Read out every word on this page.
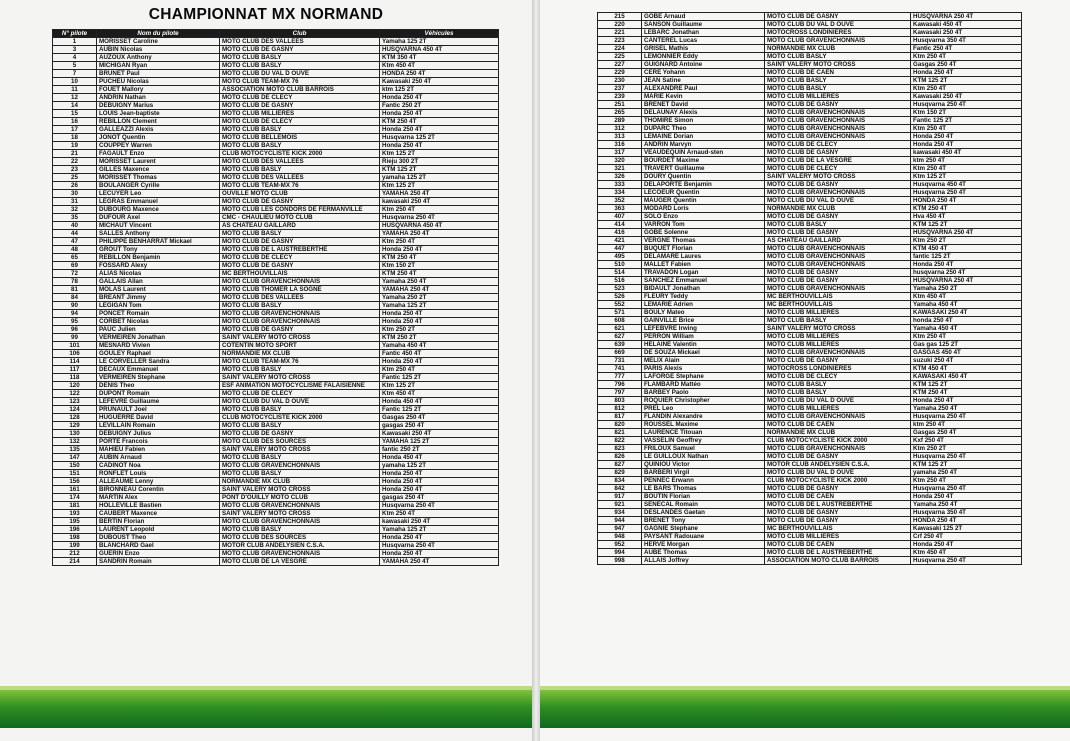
CHAMPIONNAT MX NORMAND
N° pilote	Nom du pilote	Club	Véhicules
1	MORISSET Caroline	MOTO CLUB DES VALLEES	Yamaha 125 2T
3	AUBIN Nicolas	MOTO CLUB DE GASNY	HUSQVARNA 450 4T
4	AUZOUX Anthony	MOTO CLUB BASLY	KTM 350 4T
5	MICHIGAN Ryan	MOTO CLUB BASLY	Ktm 450 4T
7	BRUNET Paul	MOTO CLUB DU VAL D OUVE	HONDA 250 4T
10	PUCHEU Nicolas	MOTO CLUB TEAM-MX 76	Kawasaki 250 4T
11	FOUET Mallory	ASSOCIATION MOTO CLUB BARROIS	ktm 125 2T
12	ANDRIN Nathan	MOTO CLUB DE CLECY	Honda 250 4T
14	DEBUIGNY Marius	MOTO CLUB DE GASNY	Fantic 250 2T
15	LOUIS Jean-baptiste	MOTO CLUB MILLIERES	Honda 250 4T
16	REBILLON Clement	MOTO CLUB DE CLECY	KTM 250 4T
17	GALLEAZZI Alexis	MOTO CLUB BASLY	Honda 250 4T
18	JONOT Quentin	MOTO CLUB BELLEMOIS	Husqvarna 125 2T
19	COUPPEY Warren	MOTO CLUB BASLY	Honda 250 4T
21	FAGAULT Enzo	CLUB MOTOCYCLISTE KICK 2000	Ktm 125 2T
22	MORISSET Laurent	MOTO CLUB DES VALLEES	Rieju 300 2T
23	GILLES Maxence	MOTO CLUB BASLY	KTM 125 2T
25	MORISSET Thomas	MOTO CLUB DES VALLEES	yamaha 125 2T
26	BOULANGER Cyrille	MOTO CLUB TEAM-MX 76	Ktm 125 2T
30	LECUYER Leo	OUVILLE MOTO CLUB	YAMAHA 250 4T
31	LEGRAS Emmanuel	MOTO CLUB DE GASNY	kawasaki 250 4T
32	DUBOURG Maxence	MOTO CLUB LES CONDORS DE FERMANVILLE	Ktm 250 4T
35	DUFOUR Axel	CMC - CHAULIEU MOTO CLUB	Husqvarna 250 4T
40	MICHAUT Vincent	AS CHATEAU GAILLARD	HUSQVARNA 450 4T
44	SALLES Anthony	MOTO CLUB BASLY	YAMAHA 250 4T
47	PHILIPPE BENHARRAT Mickael	MOTO CLUB DE GASNY	Ktm 250 4T
48	GROUT Tony	MOTO CLUB DE L AUSTREBERTHE	Honda 250 4T
65	REBILLON Benjamin	MOTO CLUB DE CLECY	KTM 250 4T
69	FOSSARD Alexy	MOTO CLUB DE GASNY	Ktm 150 2T
72	ALIAS Nicolas	MC BERTHOUVILLAIS	KTM 250 4T
78	GALLAIS Allan	MOTO CLUB GRAVENCHONNAIS	Yamaha 250 4T
81	MOLAS Laurent	MOTO CLUB THOMER LA SOGNE	YAMAHA 250 4T
84	BREANT Jimmy	MOTO CLUB DES VALLEES	Yamaha 250 2T
90	LEGIGAN Tom	MOTO CLUB BASLY	Yamaha 125 2T
94	PONCET Romain	MOTO CLUB GRAVENCHONNAIS	Honda 250 4T
95	CORBET Nicolas	MOTO CLUB GRAVENCHONNAIS	Honda 250 4T
96	PAUC Julien	MOTO CLUB DE GASNY	Ktm 250 2T
99	VERMEIREN Jonathan	SAINT VALERY MOTO CROSS	KTM 250 2T
101	MESNARD Vivien	COTENTIN MOTO SPORT	Yamaha 450 4T
106	GOULEY Raphael	NORMANDIE MX CLUB	Fantic 450 4T
114	LE CORVELLER Sandra	MOTO CLUB TEAM-MX 76	Honda 250 4T
117	DECAUX Emmanuel	MOTO CLUB BASLY	Ktm 250 4T
118	VERMEIREN Stephane	SAINT VALERY MOTO CROSS	Fantic 125 2T
120	DENIS Theo	ESF ANIMATION MOTOCYCLISME FALAISIENNE	Ktm 125 2T
122	DUPONT Romain	MOTO CLUB DE CLECY	Ktm 450 4T
123	LEFEVRE Guillaume	MOTO CLUB DU VAL D OUVE	Honda 450 4T
124	PRUNAULT Joel	MOTO CLUB BASLY	Fantic 125 2T
128	HUGUERRE David	CLUB MOTOCYCLISTE KICK 2000	Gasgas 250 4T
129	LEVILLAIN Romain	MOTO CLUB BASLY	gasgas 250 4T
130	DEBUIGNY Julius	MOTO CLUB DE GASNY	Kawasaki 250 4T
132	PORTE Francois	MOTO CLUB DES SOURCES	YAMAHA 125 2T
135	MAHIEU Fabien	SAINT VALERY MOTO CROSS	fantic 250 2T
147	AUBIN Arnaud	MOTO CLUB BASLY	Honda 450 4T
150	CADINOT Noa	MOTO CLUB GRAVENCHONNAIS	yamaha 125 2T
151	RONFLET Louis	MOTO CLUB BASLY	Honda 250 4T
156	ALLEAUME Lenny	NORMANDIE MX CLUB	Honda 250 4T
161	BIRONNEAU Corentin	SAINT VALERY MOTO CROSS	Honda 250 4T
174	MARTIN Alex	PONT D'OUILLY MOTO CLUB	gasgas 250 4T
181	HOLLEVILLE Bastien	MOTO CLUB GRAVENCHONNAIS	Husqvarna 250 4T
193	CAUBERT Maxence	SAINT VALERY MOTO CROSS	Ktm 250 4T
195	BERTIN Florian	MOTO CLUB GRAVENCHONNAIS	kawasaki 250 4T
196	LAURENT Leopold	MOTO CLUB BASLY	Yamaha 125 2T
198	DUBOUST Theo	MOTO CLUB DES SOURCES	Honda 250 4T
199	BLANCHARD Gael	MOTOR CLUB ANDELYSIEN C.S.A.	Husqvarna 250 4T
212	GUERIN Enzo	MOTO CLUB GRAVENCHONNAIS	Honda 250 4T
214	SANDRIN Romain	MOTO CLUB DE LA VESGRE	YAMAHA 250 4T
215	GOBE Arnaud	MOTO CLUB DE GASNY	HUSQVARNA 250 4T
220	SANSON Guillaume	MOTO CLUB DU VAL D OUVE	Kawasaki 450 4T
221	LEBARC Jonathan	MOTOCROSS LONDINIERES	Kawasaki 250 4T
223	CANTEREL Lucas	MOTO CLUB GRAVENCHONNAIS	Husqvarna 350 4T
224	GRISEL Mathis	NORMANDIE MX CLUB	Fantic 250 4T
225	LEMONNIER Eddy	MOTO CLUB BASLY	Ktm 250 4T
227	GUIGNARD Antoine	SAINT VALERY MOTO CROSS	Gasgas 250 4T
229	CERE Yohann	MOTO CLUB DE CAEN	Honda 250 4T
230	JEAN Satine	MOTO CLUB BASLY	KTM 125 2T
237	ALEXANDRE Paul	MOTO CLUB BASLY	Ktm 250 4T
239	MARIE Kevin	MOTO CLUB MILLIERES	Kawasaki 250 4T
251	BRENET David	MOTO CLUB DE GASNY	Husqvarna 250 4T
265	DELAUNAY Alexis	MOTO CLUB GRAVENCHONNAIS	Ktm 150 2T
289	THOMIRE Simon	MOTO CLUB GRAVENCHONNAIS	Fantic 125 2T
312	DUPARC Theo	MOTO CLUB GRAVENCHONNAIS	Ktm 250 4T
313	LEMAINE Dorian	MOTO CLUB GRAVENCHONNAIS	Honda 250 4T
316	ANDRIN Marvyn	MOTO CLUB DE CLECY	Honda 250 4T
317	VEAUDEQUIN Arnaud-sten	MOTO CLUB DE GASNY	kawasaki 450 4T
320	BOURDET Maxime	MOTO CLUB DE LA VESGRE	ktm 250 4T
321	TRAVERT Guillaume	MOTO CLUB DE CLECY	Ktm 250 4T
326	DOURY Quentin	SAINT VALERY MOTO CROSS	Ktm 125 2T
333	DELAPORTE Benjamin	MOTO CLUB DE GASNY	Husqvarna 450 4T
334	LECOEUR Quentin	MOTO CLUB GRAVENCHONNAIS	Husqvarna 250 4T
352	MAUGER Quentin	MOTO CLUB DU VAL D OUVE	HONDA 250 4T
363	MODARD Loris	NORMANDIE MX CLUB	KTM 250 4T
407	SOLO Enzo	MOTO CLUB DE GASNY	Hva 450 4T
414	VARRON Tom	MOTO CLUB BASLY	KTM 125 2T
416	GOBE Solenne	MOTO CLUB DE GASNY	HUSQVARNA 250 4T
421	VERGNE Thomas	AS CHATEAU GAILLARD	Ktm 250 2T
447	BUQUET Florian	MOTO CLUB GRAVENCHONNAIS	KTM 450 4T
495	DELAMARE Laures	MOTO CLUB GRAVENCHONNAIS	fantic 125 2T
510	MALLET Fabien	MOTO CLUB GRAVENCHONNAIS	Honda 250 4T
514	TRAVADON Logan	MOTO CLUB DE GASNY	husqvarna 250 4T
516	SANCHEZ Emmanuel	MOTO CLUB DE GASNY	HUSQVARNA 250 4T
523	BIDAULT Jonathan	MOTO CLUB GRAVENCHONNAIS	Yamaha 250 2T
526	FLEURY Teddy	MC BERTHOUVILLAIS	Ktm 450 4T
552	LEMARIE Adrien	MC BERTHOUVILLAIS	Yamaha 450 4T
571	BOULY Mateo	MOTO CLUB MILLIERES	KAWASAKI 250 4T
608	GAINVILLE Brice	MOTO CLUB BASLY	honda 250 4T
621	LEFEBVRE Irwing	SAINT VALERY MOTO CROSS	Yamaha 450 4T
627	PERRON William	MOTO CLUB MILLIERES	Ktm 250 4T
639	HELAINE Valentin	MOTO CLUB MILLIERES	Gas gas 125 2T
669	DE SOUZA Mickael	MOTO CLUB GRAVENCHONNAIS	GASGAS 450 4T
731	MELIX Alain	MOTO CLUB DE GASNY	suzuki 250 4T
741	PARIS Alexis	MOTOCROSS LONDINIERES	KTM 450 4T
777	LAFORGE Stephane	MOTO CLUB DE CLECY	KAWASAKI 450 4T
796	FLAMBARD Mattéo	MOTO CLUB BASLY	KTM 125 2T
797	BARBEY Paolo	MOTO CLUB BASLY	KTM 250 4T
803	ROQUIER Christopher	MOTO CLUB DU VAL D OUVE	Honda 250 4T
812	PREL Leo	MOTO CLUB MILLIERES	Yamaha 250 4T
817	FLANDIN Alexandre	MOTO CLUB GRAVENCHONNAIS	Husqvarna 250 4T
820	ROUSSEL Maxime	MOTO CLUB DE CAEN	ktm 250 4T
821	LAURENCE Titouan	NORMANDIE MX CLUB	Gasgas 250 4T
822	VASSELIN Geoffrey	CLUB MOTOCYCLISTE KICK 2000	Kxf 250 4T
823	FRILOUX Samuel	MOTO CLUB GRAVENCHONNAIS	Ktm 250 2T
826	LE GUILLOUX Nathan	MOTO CLUB DE GASNY	Husqvarna 250 4T
827	QUINIOU Victor	MOTOR CLUB ANDELYSIEN C.S.A.	KTM 125 2T
829	BARBERI Virgil	MOTO CLUB DU VAL D OUVE	yamaha 250 4T
834	PENNEC Erwann	CLUB MOTOCYCLISTE KICK 2000	Ktm 250 4T
842	LE BARS Thomas	MOTO CLUB DE GASNY	Husqvarna 250 4T
917	BOUTIN Florian	MOTO CLUB DE CAEN	Honda 250 4T
921	SENECAL Romain	MOTO CLUB DE L AUSTREBERTHE	Yamaha 250 4T
934	DESLANDES Gaetan	MOTO CLUB DE GASNY	Husqvarna 350 4T
944	BRENET Tony	MOTO CLUB DE GASNY	HONDA 250 4T
947	GAGNIE Stephane	MC BERTHOUVILLAIS	Kawasaki 125 2T
948	PAYSANT Radouane	MOTO CLUB MILLIERES	Crf 250 4T
952	HERVE Morgan	MOTO CLUB DE CAEN	Honda 250 4T
994	AUBE Thomas	MOTO CLUB DE L AUSTREBERTHE	Ktm 450 4T
998	ALLAIS Joffrey	ASSOCIATION MOTO CLUB BARROIS	Husqvarna 250 4T
